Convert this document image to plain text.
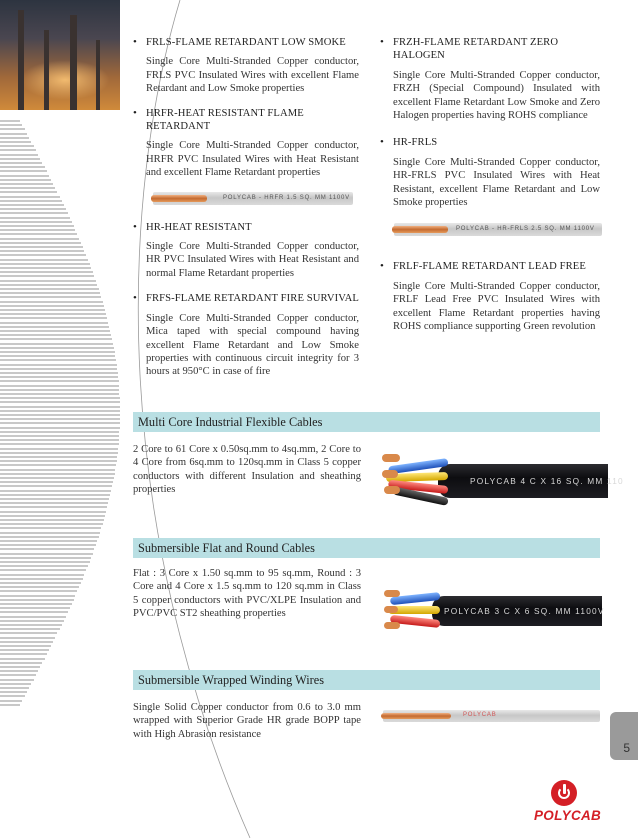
• FRLS-FLAME RETARDANT LOW SMOKE
Single Core Multi-Stranded Copper conductor, FRLS PVC Insulated Wires with excellent Flame Retardant and Low Smoke properties
• HRFR-HEAT RESISTANT FLAME RETARDANT
Single Core Multi-Stranded Copper conductor, HRFR PVC Insulated Wires with Heat Resistant and excellent Flame Retardant properties
POLYCAB - HRFR 1.5 SQ. MM 1100V
• HR-HEAT RESISTANT
Single Core Multi-Stranded Copper conductor, HR PVC Insulated Wires with Heat Resistant and normal Flame Retardant properties
• FRFS-FLAME RETARDANT FIRE SURVIVAL
Single Core Multi-Stranded Copper conductor, Mica taped with special compound having excellent Flame Retardant and Low Smoke properties with continuous circuit integrity for 3 hours at 950°C in case of fire
• FRZH-FLAME RETARDANT ZERO HALOGEN
Single Core Multi-Stranded Copper conductor, FRZH (Special Compound) Insulated with excellent Flame Retardant Low Smoke and Zero Halogen properties having ROHS compliance
• HR-FRLS
Single Core Multi-Stranded Copper conductor, HR-FRLS PVC Insulated Wires with Heat Resistant, excellent Flame Retardant and Low Smoke properties
POLYCAB - HR-FRLS 2.5 SQ. MM 1100V
• FRLF-FLAME RETARDANT LEAD FREE
Single Core Multi-Stranded Copper conductor, FRLF Lead Free PVC Insulated Wires with excellent Flame Retardant properties having ROHS compliance supporting Green revolution
Multi Core Industrial Flexible Cables
2 Core to 61 Core x 0.50sq.mm to 4sq.mm, 2 Core to 4 Core from 6sq.mm to 120sq.mm in Class 5 copper conductors with different Insulation and sheathing properties
POLYCAB 4 C X 16 SQ. MM 110
Submersible Flat and Round Cables
Flat : 3 Core x 1.50 sq.mm to 95 sq.mm, Round : 3 Core and 4 Core x 1.5 sq.mm to 120 sq.mm in Class 5 copper conductors with PVC/XLPE Insulation and PVC/PVC ST2 sheathing properties	POLYCAB 3 C X 6 SQ. MM 1100V
Submersible Wrapped Winding Wires
Single Solid Copper conductor from 0.6 to 3.0 mm wrapped with Superior Grade HR grade BOPP tape with High Abrasion resistance
POLYCAB
5
POLYCAB
